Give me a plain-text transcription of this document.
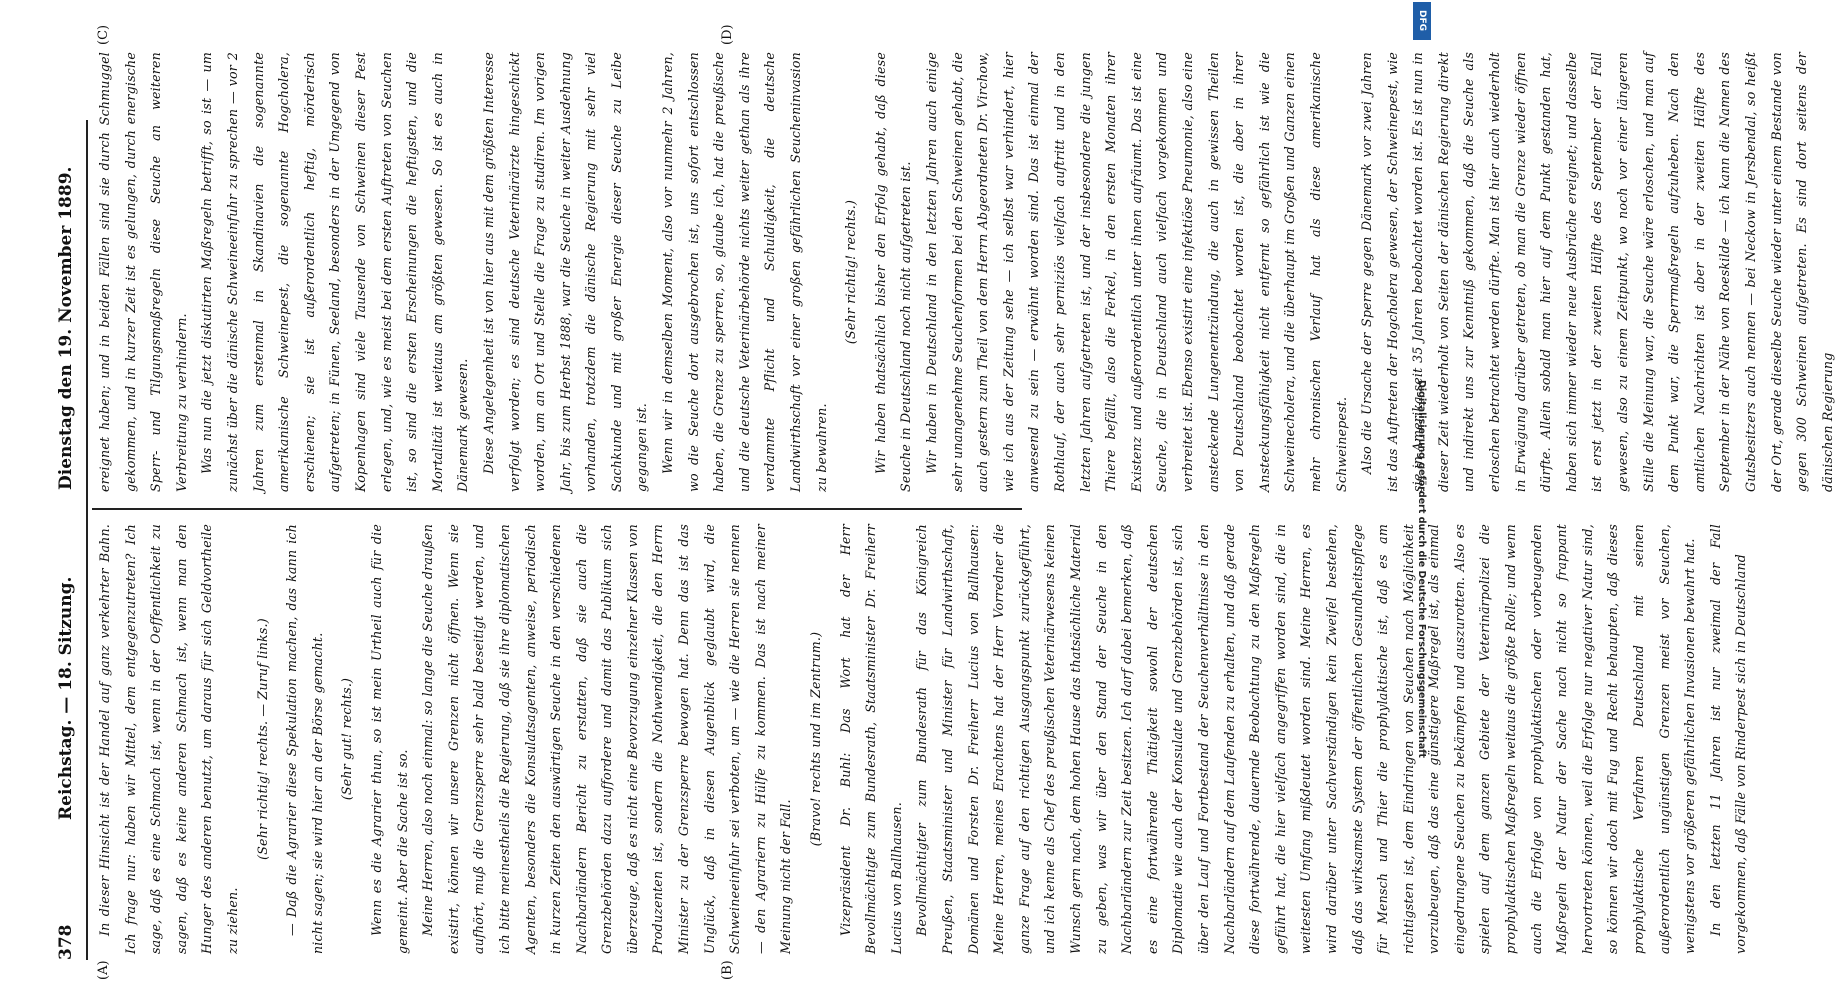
378
Reichstag. — 18. Sitzung.
Dienstag den 19. November 1889.
(A)	(B)
(C)	(D)

In dieser Hinsicht ist der Handel auf ganz verkehrter Bahn. Ich frage nur: haben wir Mittel, dem entgegenzutreten? Ich sage, daß es eine Schmach ist, wenn in der Oeffentlichkeit zu sagen, daß es keine anderen Schmach ist, wenn man den Hunger des anderen benutzt, um daraus für sich Geldvortheile zu ziehen.

(Sehr richtig! rechts. — Zuruf links.)	— Daß die Agrarier diese Spekulation machen, das kann ich nicht sagen; sie wird hier an der Börse gemacht.	(Sehr gut! rechts.)	Wenn es die Agrarier thun, so ist mein Urtheil auch für die gemeint. Aber die Sache ist so. Meine Herren, also noch einmal: so lange die Seuche draußen existirt, können wir unsere Grenzen nicht öffnen. Wenn sie aufhört, muß die Grenzsperre sehr bald beseitigt werden, und ich bitte meinestheils die Regierung, daß sie ihre diplomatischen Agenten, besonders die Konsulatsagenten, anweise, periodisch in kurzen Zeiten den auswärtigen Seuche in den verschiedenen Nachbarländern Bericht zu erstatten, daß sie auch die Grenzbehörden dazu auffordere und damit das Publikum sich überzeuge, daß es nicht eine Bevorzugung einzelner Klassen von Produzenten ist, sondern die Nothwendigkeit, die den Herrn Minister zu der Grenzsperre bewogen hat. Denn das ist das Unglück, daß in diesen Augenblick geglaubt wird, die Schweineeinfuhr sei verboten, um — wie die Herren sie nennen — den Agrariern zu Hülfe zu kommen. Das ist nach meiner Meinung nicht der Fall.

(Bravo! rechts und im Zentrum.)	Vizepräsident Dr. Buhl: Das Wort hat der Herr Bevollmächtigte zum Bundesrath, Staatsminister Dr. Freiherr Lucius von Ballhausen. Bevollmächtigter zum Bundesrath für das Königreich Preußen, Staatsminister und Minister für Landwirthschaft, Domänen und Forsten Dr. Freiherr Lucius von Ballhausen: Meine Herren, meines Erachtens hat der Herr Vorredner die ganze Frage auf den richtigen Ausgangspunkt zurückgeführt, und ich kenne als Chef des preußischen Veterinärwesens keinen Wunsch gern nach, dem hohen Hause das thatsächliche Material zu geben, was wir über den Stand der Seuche in den Nachbarländern zur Zeit besitzen. Ich darf dabei bemerken, daß es eine fortwährende Thätigkeit sowohl der deutschen Diplomatie wie auch der Konsulate und Grenzbehörden ist, sich über den Lauf und Fortbestand der Seuchenverhältnisse in den Nachbarländern auf dem Laufenden zu erhalten, und daß gerade diese fortwährende, dauernde Beobachtung zu den Maßregeln geführt hat, die hier vielfach angegriffen worden sind, die in weitesten Umfang mißdeutet worden sind. Meine Herren, es wird darüber unter Sachverständigen kein Zweifel bestehen, daß das wirksamste System der öffentlichen Gesundheitspflege für Mensch und Thier die prophylaktische ist, daß es am richtigsten ist, dem Eindringen von Seuchen nach Möglichkeit vorzubeugen, daß das eine günstigere Maßregel ist, als einmal eingedrungene Seuchen zu bekämpfen und auszurotten. Also es spielen auf dem ganzen Gebiete der Veterinärpolizei die prophylaktischen Maßregeln weitaus die größte Rolle; und wenn auch die Erfolge von prophylaktischen oder vorbeugenden Maßregeln der Natur der Sache nach nicht so frappant hervortreten können, weil die Erfolge nur negativer Natur sind, so können wir doch mit Fug und Recht behaupten, daß dieses prophylaktische Verfahren Deutschland mit seinen außerordentlich ungünstigen Grenzen meist vor Seuchen, wenigstens vor größeren gefährlichen Invasionen bewahrt hat. In den letzten 11 Jahren ist nur zweimal der Fall vorgekommen, daß Fälle von Rinderpest sich in Deutschland

ereignet haben; und in beiden Fällen sind sie durch Schmuggel gekommen, und in kurzer Zeit ist es gelungen, durch energische Sperr- und Tilgungsmaßregeln diese Seuche an weiteren Verbreitung zu verhindern. Was nun die jetzt diskutirten Maßregeln betrifft, so ist — um zunächst über die dänische Schweineeinfuhr zu sprechen — vor 2 Jahren zum erstenmal in Skandinavien die sogenannte amerikanische Schweinepest, die sogenannte Hogcholera, erschienen; sie ist außerordentlich heftig, mörderisch aufgetreten; in Fünen, Seeland, besonders in der Umgegend von Kopenhagen sind viele Tausende von Schweinen dieser Pest erlegen, und, wie es meist bei dem ersten Auftreten von Seuchen ist, so sind die ersten Erscheinungen die heftigsten, und die Mortalität ist weitaus am größten gewesen. So ist es auch in Dänemark gewesen. Diese Angelegenheit ist von hier aus mit dem größten Interesse verfolgt worden; es sind deutsche Veterinärärzte hingeschickt worden, um an Ort und Stelle die Frage zu studiren. Im vorigen Jahr, bis zum Herbst 1888, war die Seuche in weiter Ausdehnung vorhanden, trotzdem die dänische Regierung mit sehr viel Sachkunde und mit großer Energie dieser Seuche zu Leibe gegangen ist. Wenn wir in demselben Moment, also vor nunmehr 2 Jahren, wo die Seuche dort ausgebrochen ist, uns sofort entschlossen haben, die Grenze zu sperren, so, glaube ich, hat die preußische und die deutsche Veterinärbehörde nichts weiter gethan als ihre verdammte Pflicht und Schuldigkeit, die deutsche Landwirthschaft vor einer großen gefährlichen Seucheninvasion zu bewahren.

(Sehr richtig! rechts.)	Wir haben thatsächlich bisher den Erfolg gehabt, daß diese Seuche in Deutschland noch nicht aufgetreten ist. Wir haben in Deutschland in den letzten Jahren auch einige sehr unangenehme Seuchenformen bei den Schweinen gehabt, die auch gestern zum Theil von dem Herrn Abgeordneten Dr. Virchow, wie ich aus der Zeitung sehe — ich selbst war verhindert, hier anwesend zu sein — erwähnt worden sind. Das ist einmal der Rothlauf, der auch sehr perniziös vielfach auftritt und in den letzten Jahren aufgetreten ist, und der insbesondere die jungen Thiere befällt, also die Ferkel, in den ersten Monaten ihrer Existenz und außerordentlich unter ihnen aufräumt. Das ist eine Seuche, die in Deutschland auch vielfach vorgekommen und verbreitet ist. Ebenso existirt eine infektiöse Pneumonie, also eine ansteckende Lungenentzündung, die auch in gewissen Theilen von Deutschland beobachtet worden ist, die aber in ihrer Ansteckungsfähigkeit nicht entfernt so gefährlich ist wie die Schweinecholera, und die überhaupt im Großen und Ganzen einen mehr chronischen Verlauf hat als diese amerikanische Schweinepest. Also die Ursache der Sperre gegen Dänemark vor zwei Jahren ist das Auftreten der Hogcholera gewesen, der Schweinepest, wie sie in Amerika seit 35 Jahren beobachtet worden ist. Es ist nun in dieser Zeit wiederholt von Seiten der dänischen Regierung direkt und indirekt uns zur Kenntniß gekommen, daß die Seuche als erloschen betrachtet werden dürfte. Man ist hier auch wiederholt in Erwägung darüber getreten, ob man die Grenze wieder öffnen dürfte. Allein sobald man hier auf dem Punkt gestanden hat, haben sich immer wieder neue Ausbrüche ereignet; und dasselbe ist erst jetzt in der zweiten Hälfte des September der Fall gewesen, also zu einem Zeitpunkt, wo noch vor einer längeren Stille die Meinung war, die Seuche wäre erloschen, und man auf dem Punkt war, die Sperrmaßregeln aufzuheben. Nach den amtlichen Nachrichten ist aber in der zweiten Hälfte des September in der Nähe von Roeskilde — ich kann die Namen des Gutsbesitzers auch nennen — bei Neckow in Jersbendal, so heißt der Ort, gerade dieselbe Seuche wieder unter einem Bestande von gegen 300 Schweinen aufgetreten. Es sind dort seitens der dänischen Regierung

Digitalisierung gefördert durch die Deutsche Forschungsgemeinschaft
DFG
